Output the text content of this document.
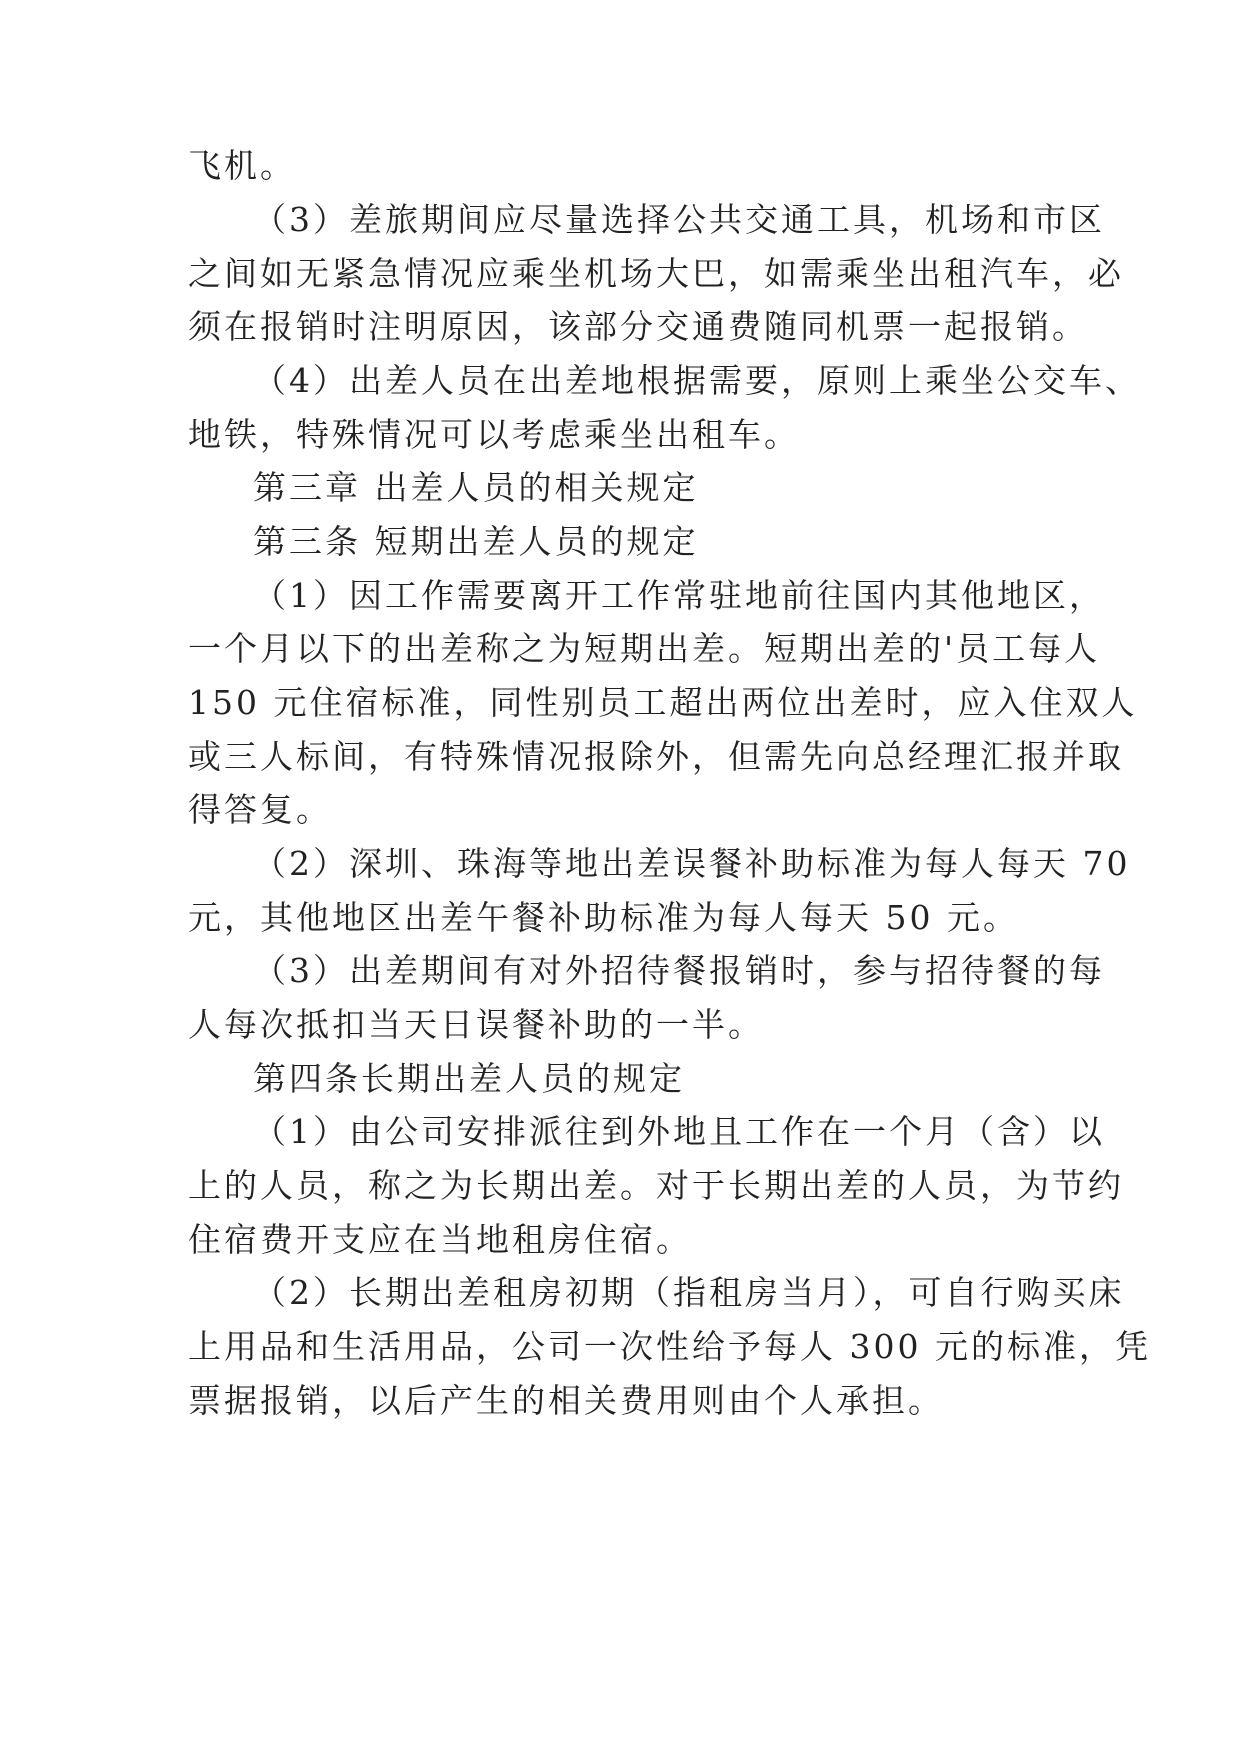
飞机。
（3）差旅期间应尽量选择公共交通工具，机场和市区
之间如无紧急情况应乘坐机场大巴，如需乘坐出租汽车，必
须在报销时注明原因，该部分交通费随同机票一起报销。
（4）出差人员在出差地根据需要，原则上乘坐公交车、
地铁，特殊情况可以考虑乘坐出租车。
第三章 出差人员的相关规定
第三条 短期出差人员的规定
（1）因工作需要离开工作常驻地前往国内其他地区，
一个月以下的出差称之为短期出差。短期出差的'员工每人
150 元住宿标准，同性别员工超出两位出差时，应入住双人
或三人标间，有特殊情况报除外，但需先向总经理汇报并取
得答复。
（2）深圳、珠海等地出差误餐补助标准为每人每天 70
元，其他地区出差午餐补助标准为每人每天 50 元。
（3）出差期间有对外招待餐报销时，参与招待餐的每
人每次抵扣当天日误餐补助的一半。
第四条长期出差人员的规定
（1）由公司安排派往到外地且工作在一个月（含）以
上的人员，称之为长期出差。对于长期出差的人员，为节约
住宿费开支应在当地租房住宿。
（2）长期出差租房初期（指租房当月），可自行购买床
上用品和生活用品，公司一次性给予每人 300 元的标准，凭
票据报销，以后产生的相关费用则由个人承担。
